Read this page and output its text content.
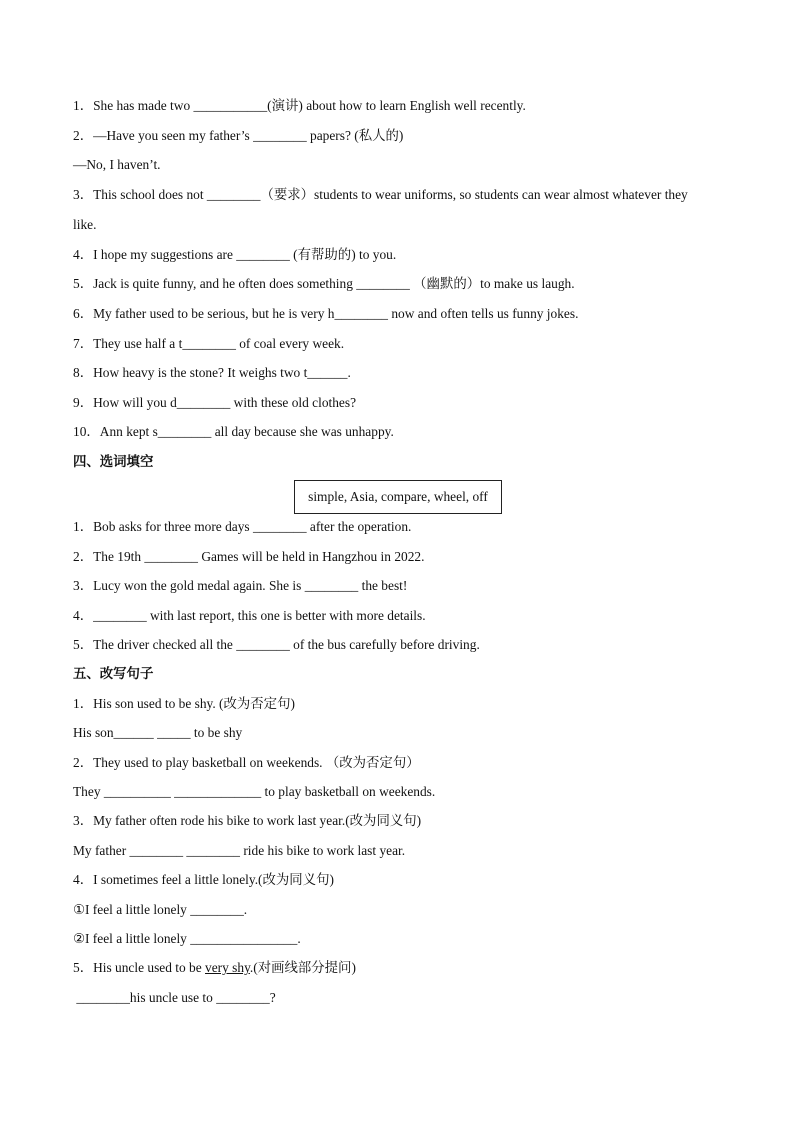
1．She has made two ___________(演讲) about how to learn English well recently.
2．—Have you seen my father’s ________ papers? (私人的)
—No, I haven’t.
3．This school does not ________（要求）students to wear uniforms, so students can wear almost whatever they
like.
4．I hope my suggestions are ________ (有帮助的) to you.
5．Jack is quite funny, and he often does something ________ （幽默的）to make us laugh.
6．My father used to be serious, but he is very h________ now and often tells us funny jokes.
7．They use half a t________ of coal every week.
8．How heavy is the stone? It weighs two t______.
9．How will you d________ with these old clothes?
10．Ann kept s________ all day because she was unhappy.
四、选词填空
simple, Asia, compare, wheel, off
1．Bob asks for three more days ________ after the operation.
2．The 19th ________ Games will be held in Hangzhou in 2022.
3．Lucy won the gold medal again. She is ________ the best!
4．________ with last report, this one is better with more details.
5．The driver checked all the ________ of the bus carefully before driving.
五、改写句子
1．His son used to be shy. (改为否定句)
His son______ _____ to be shy
2．They used to play basketball on weekends. （改为否定句）
They __________ _____________ to play basketball on weekends.
3．My father often rode his bike to work last year.(改为同义句)
My father ________ ________ ride his bike to work last year.
4．I sometimes feel a little lonely.(改为同义句)
①I feel a little lonely ________.
②I feel a little lonely ________________.
5．His uncle used to be very shy.(对画线部分提问)
________his uncle use to ________?
